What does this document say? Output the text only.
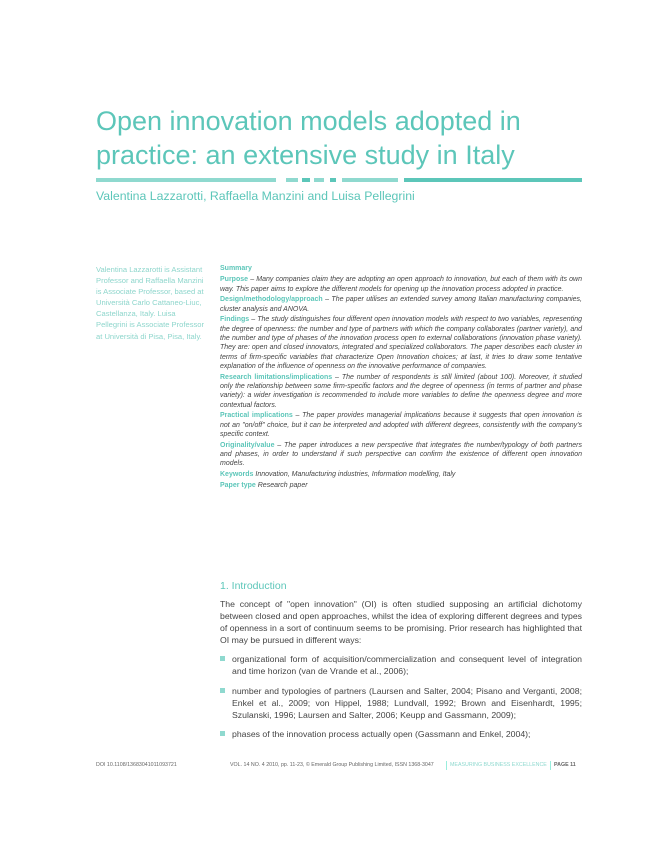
Open innovation models adopted in practice: an extensive study in Italy
Valentina Lazzarotti, Raffaella Manzini and Luisa Pellegrini
Valentina Lazzarotti is Assistant Professor and Raffaella Manzini is Associate Professor, based at Università Carlo Cattaneo-Liuc, Castellanza, Italy. Luisa Pellegrini is Associate Professor at Università di Pisa, Pisa, Italy.
Summary
Purpose – Many companies claim they are adopting an open approach to innovation, but each of them with its own way. This paper aims to explore the different models for opening up the innovation process adopted in practice.
Design/methodology/approach – The paper utilises an extended survey among Italian manufacturing companies, cluster analysis and ANOVA.
Findings – The study distinguishes four different open innovation models with respect to two variables, representing the degree of openness: the number and type of partners with which the company collaborates (partner variety), and the number and type of phases of the innovation process open to external collaborations (innovation phase variety). They are: open and closed innovators, integrated and specialized collaborators. The paper describes each cluster in terms of firm-specific variables that characterize Open Innovation choices; at last, it tries to draw some tentative explanation of the influence of openness on the innovative performance of companies.
Research limitations/implications – The number of respondents is still limited (about 100). Moreover, it studied only the relationship between some firm-specific factors and the degree of openness (in terms of partner and phase variety): a wider investigation is recommended to include more variables to define the openness degree and more contextual factors.
Practical implications – The paper provides managerial implications because it suggests that open innovation is not an "on/off" choice, but it can be interpreted and adopted with different degrees, consistently with the company's specific context.
Originality/value – The paper introduces a new perspective that integrates the number/typology of both partners and phases, in order to understand if such perspective can confirm the existence of different open innovation models.
Keywords Innovation, Manufacturing industries, Information modelling, Italy
Paper type Research paper
1. Introduction

The concept of "open innovation" (OI) is often studied supposing an artificial dichotomy between closed and open approaches, whilst the idea of exploring different degrees and types of openness in a sort of continuum seems to be promising. Prior research has highlighted that OI may be pursued in different ways:

organizational form of acquisition/commercialization and consequent level of integration and time horizon (van de Vrande et al., 2006);
number and typologies of partners (Laursen and Salter, 2004; Pisano and Verganti, 2008; Enkel et al., 2009; von Hippel, 1988; Lundvall, 1992; Brown and Eisenhardt, 1995; Szulanski, 1996; Laursen and Salter, 2006; Keupp and Gassmann, 2009);
phases of the innovation process actually open (Gassmann and Enkel, 2004);
DOI 10.1108/13683041011093721	VOL. 14 NO. 4 2010, pp. 11-23, © Emerald Group Publishing Limited, ISSN 1368-3047	MEASURING BUSINESS EXCELLENCE PAGE 11
